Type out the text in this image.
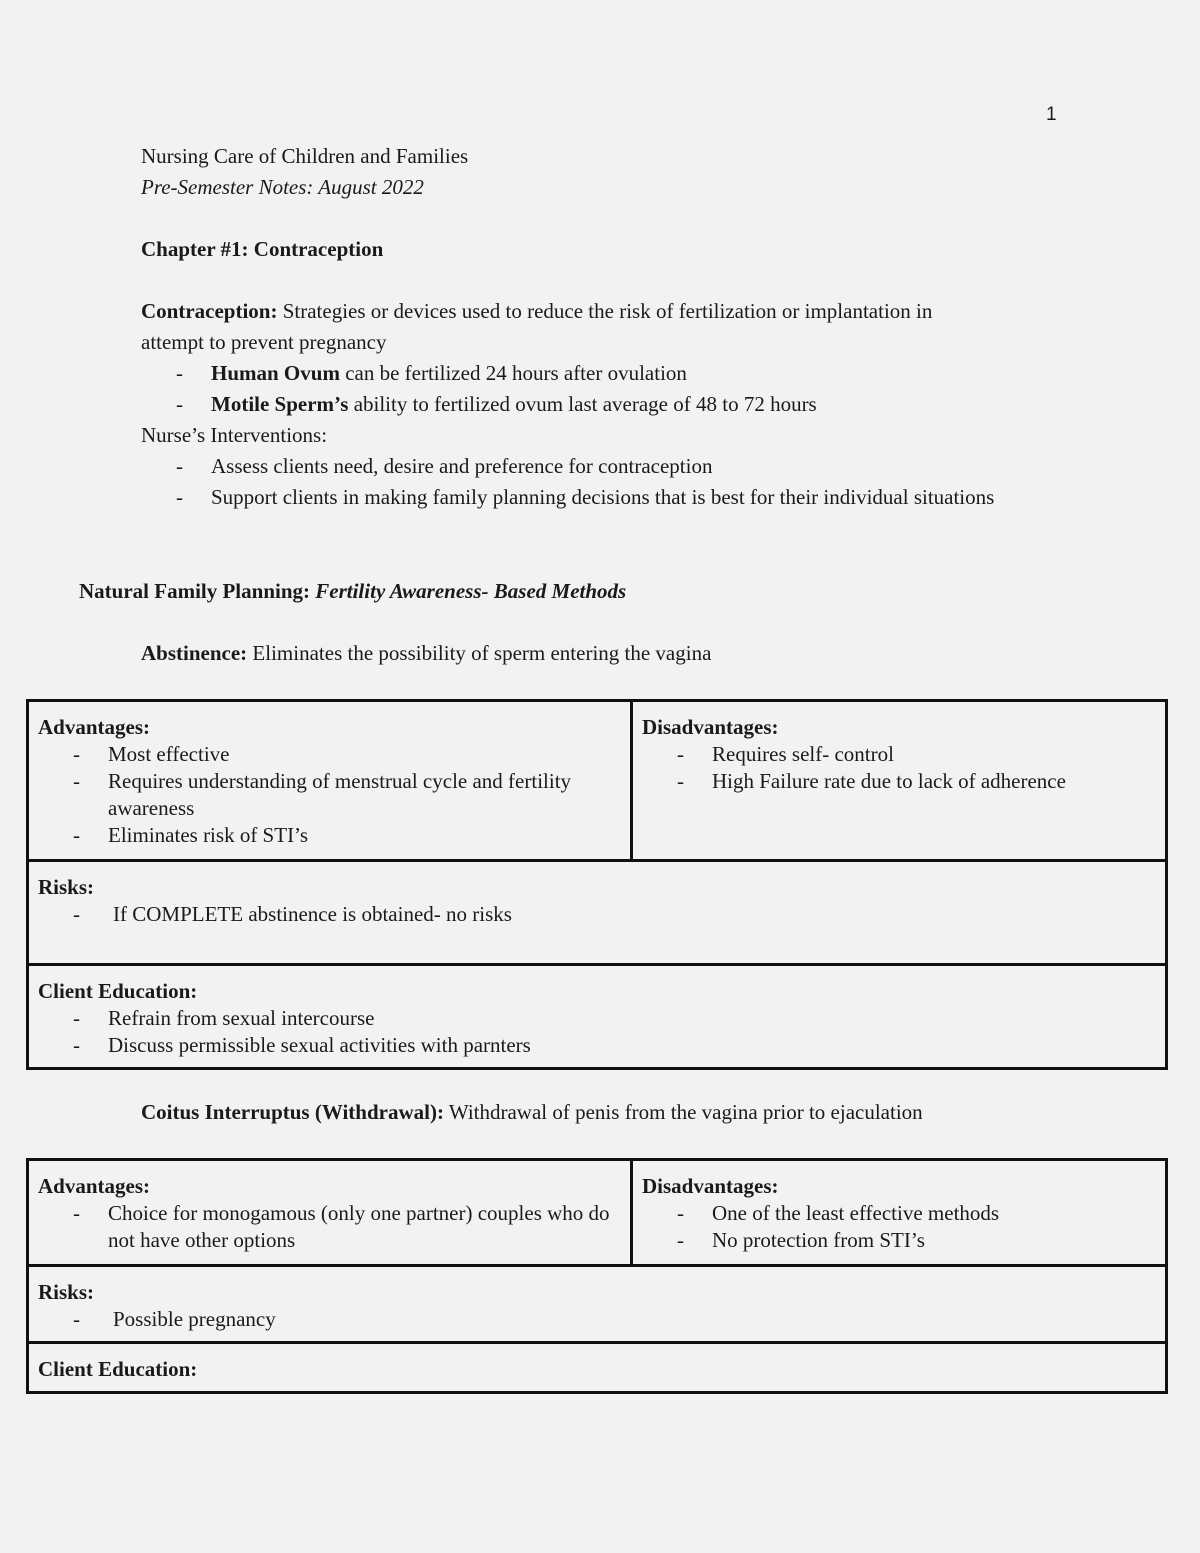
1
Nursing Care of Children and Families
Pre-Semester Notes: August 2022
Chapter #1: Contraception
Contraception: Strategies or devices used to reduce the risk of fertilization or implantation in
attempt to prevent pregnancy
- Human Ovum can be fertilized 24 hours after ovulation
- Motile Sperm’s ability to fertilized ovum last average of 48 to 72 hours
Nurse’s Interventions:
- Assess clients need, desire and preference for contraception
- Support clients in making family planning decisions that is best for their individual situations
Natural Family Planning: Fertility Awareness- Based Methods
Abstinence: Eliminates the possibility of sperm entering the vagina
Advantages:
- Most effective
- Requires understanding of menstrual cycle and fertility awareness
- Eliminates risk of STI’s
Disadvantages:
- Requires self- control
- High Failure rate due to lack of adherence
Risks:
- If COMPLETE abstinence is obtained- no risks
Client Education:
- Refrain from sexual intercourse
- Discuss permissible sexual activities with parnters
Coitus Interruptus (Withdrawal): Withdrawal of penis from the vagina prior to ejaculation
Advantages:
- Choice for monogamous (only one partner) couples who do not have other options
Disadvantages:
- One of the least effective methods
- No protection from STI’s
Risks:
- Possible pregnancy
Client Education:
